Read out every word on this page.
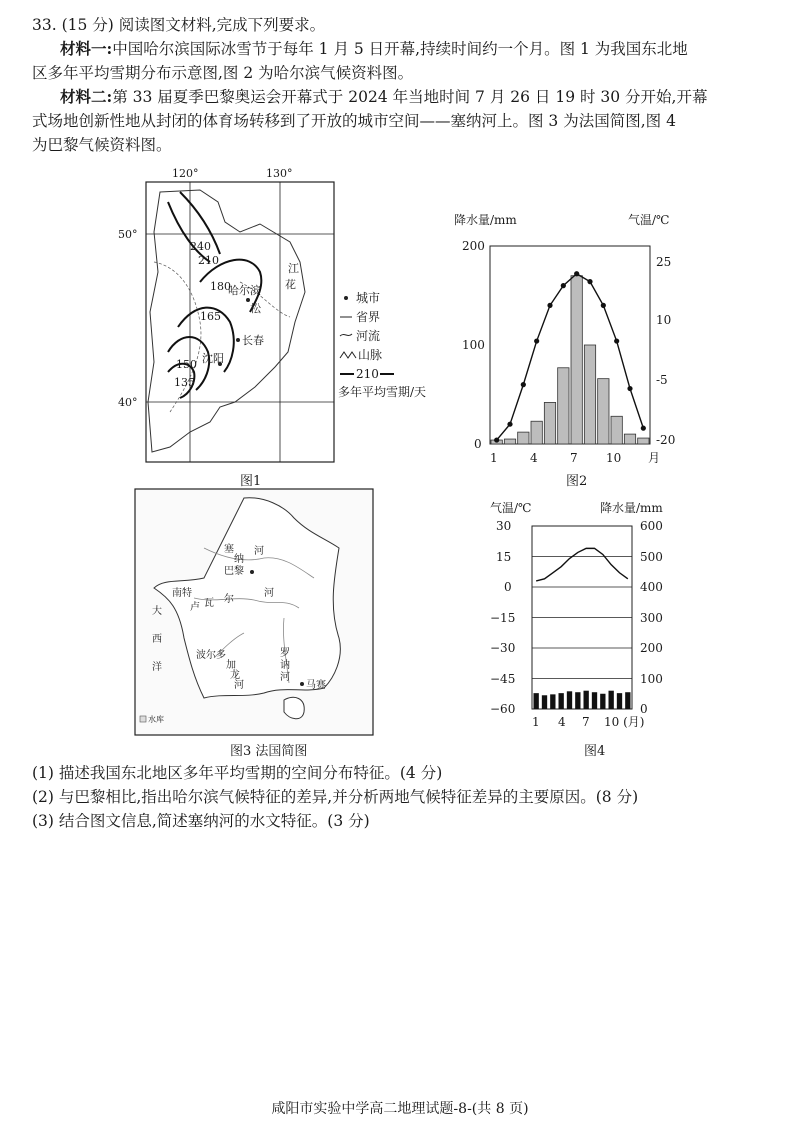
33. (15 分) 阅读图文材料,完成下列要求。
材料一:中国哈尔滨国际冰雪节于每年 1 月 5 日开幕,持续时间约一个月。图 1 为我国东北地
区多年平均雪期分布示意图,图 2 为哈尔滨气候资料图。
材料二:第 33 届夏季巴黎奥运会开幕式于 2024 年当地时间 7 月 26 日 19 时 30 分开始,开幕
式场地创新性地从封闭的体育场转移到了开放的城市空间——塞纳河上。图 3 为法国简图,图 4
为巴黎气候资料图。
120°	130°
50°
40°
240
210
180
165
150
135
哈尔滨
长春
沈阳
松
花
江
城市
省界
河流
山脉
210
多年平均雪期/天
图1
降水量/mm	气温/℃
200
100
0
25
10
-5
-20
1	4	7 10 月
图2
大
西
洋
塞
纳
河
巴黎
南特
卢 瓦 尔
河
波尔多
加
龙
河
罗
讷
河
马赛
水库
图3 法国简图
气温/℃	降水量/mm
30
15
0
−15
−30
−45
−60
600
500
400
300
200
100
0
1 4 7 10 (月)
图4
(1) 描述我国东北地区多年平均雪期的空间分布特征。(4 分)
(2) 与巴黎相比,指出哈尔滨气候特征的差异,并分析两地气候特征差异的主要原因。(8 分)
(3) 结合图文信息,简述塞纳河的水文特征。(3 分)
咸阳市实验中学高二地理试题-8-(共 8 页)
